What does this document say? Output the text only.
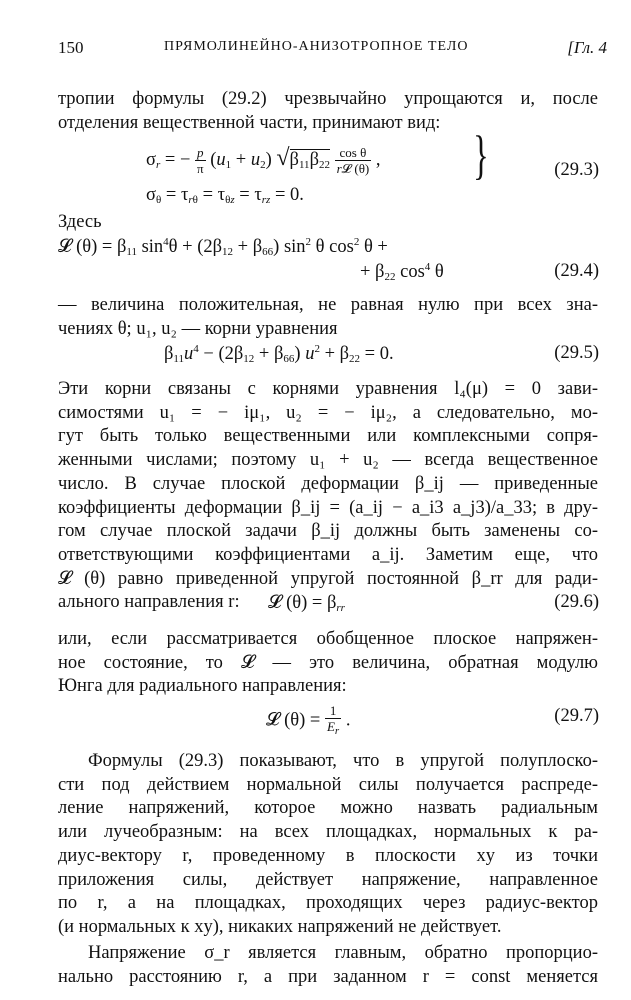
150	ПРЯМОЛИНЕЙНО-АНИЗОТРОПНОЕ ТЕЛО	[Гл. 4
тропии формулы (29.2) чрезвычайно упрощаются и, после
отделения вещественной части, принимают вид:
$\sigma_r$ = − $\frac{p}{\pi} (u_1 + u_2)$ $√\beta_{11}\beta_{22} \frac{\text{cos θ}}{\text{r𝓛 (θ)}}$ ,
$\sigma_\theta = \tau_{r\theta} = \tau_{\theta z} = \tau_{rz} = 0$.
}	(29.3)
Здесь
𝓛 $(\theta) = \beta_{11}$ $\sin^4\theta + (2\beta_{12} + \beta_{66})$ $\sin^2 \theta$ $\cos^2 \theta$ +
+ $\beta_{22}$ $\cos^4 \theta$	(29.4)
— величина положительная, не равная нулю при всех зна-
чениях θ; u₁, u₂ — корни уравнения
$\beta_{11}u^4 - (2\beta_{12} + \beta_{66}) u^2 + \beta_{22} = 0$.	(29.5)
Эти корни связаны с корнями уравнения l₄(μ) = 0 зави-
симостями u₁ = − iμ₁, u₂ = − iμ₂, а следовательно, мо-
гут быть только вещественными или комплексными сопря-
женными числами; поэтому u₁ + u₂ — всегда вещественное
число. В случае плоской деформации β_ij — приведенные
коэффициенты деформации β_ij = (a_ij − a_i3 a_j3)/a_33; в дру-
гом случае плоской задачи β_ij должны быть заменены со-
ответствующими коэффициентами a_ij. Заметим еще, что
𝓛 (θ) равно приведенной упругой постоянной β_rr для ради-
ального направления r:	𝓛 $(\theta) = \beta_{rr}$	(29.6)
или, если рассматривается обобщенное плоское напряжен-
ное состояние, то 𝓛 — это величина, обратная модулю
Юнга для радиального направления:
𝓛 $(\theta) = \frac{1}{E_r}$ .	(29.7)
Формулы (29.3) показывают, что в упругой полуплоско-
сти под действием нормальной силы получается распреде-
ление напряжений, которое можно назвать радиальным
или лучеобразным: на всех площадках, нормальных к ра-
диус-вектору r, проведенному в плоскости xy из точки
приложения силы, действует напряжение, направленное
по r, а на площадках, проходящих через радиус-вектор
(и нормальных к xy), никаких напряжений не действует.
Напряжение σ_r является главным, обратно пропорцио-
нально расстоянию r, а при заданном r = const меняется
